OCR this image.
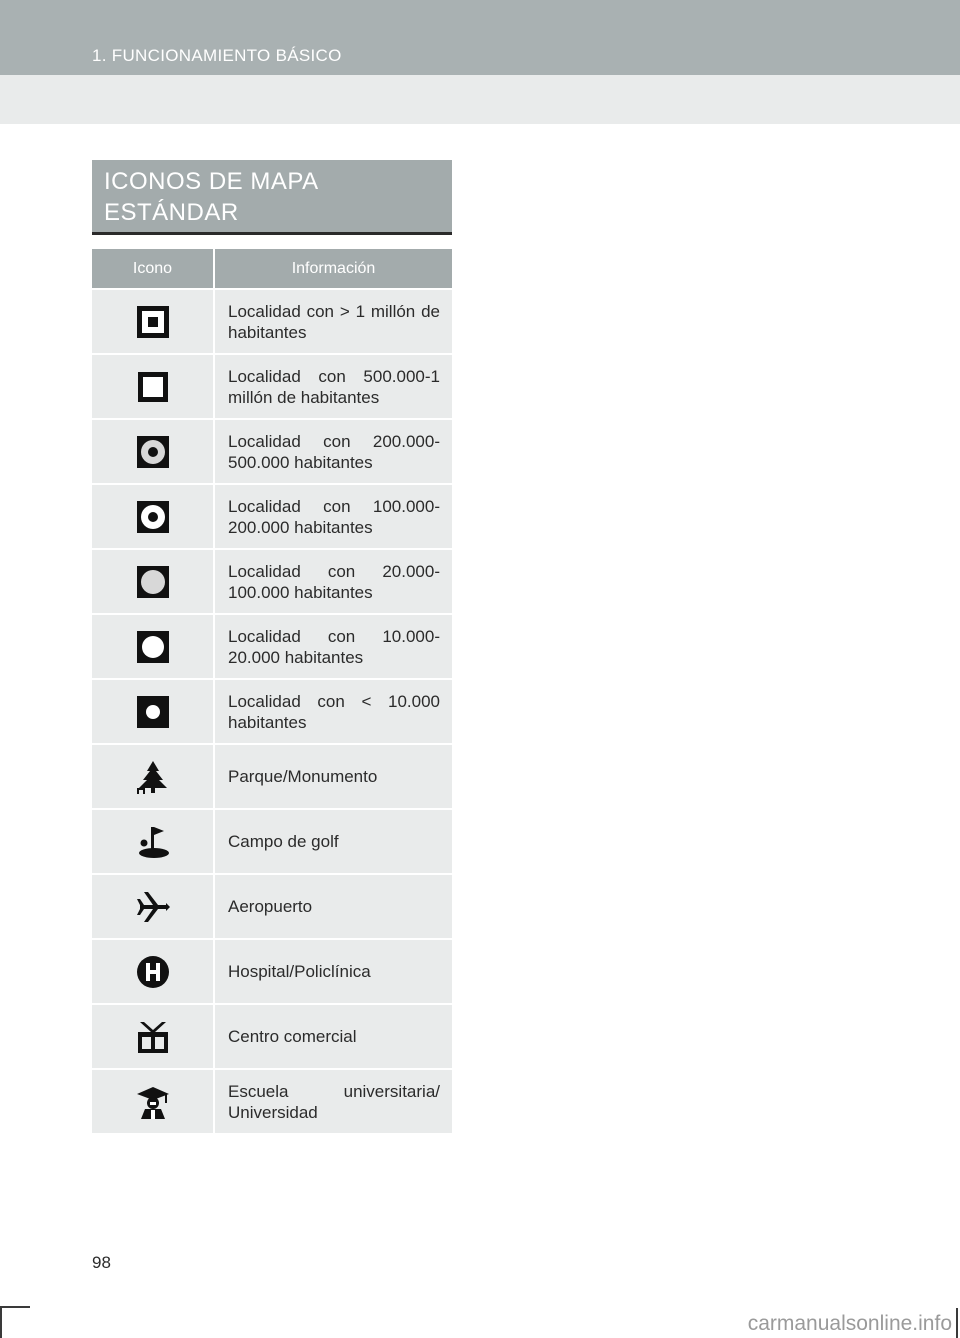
1. FUNCIONAMIENTO BÁSICO
ICONOS DE MAPA ESTÁNDAR
Icono	Información
	Localidad con > 1 millón de habitantes
	Localidad con 500.000-1 millón de habitantes
	Localidad con 200.000-500.000 habitantes
	Localidad con 100.000-200.000 habitantes
	Localidad con 20.000-100.000 habitantes
	Localidad con 10.000-20.000 habitantes
	Localidad con < 10.000 habitantes
	Parque/Monumento
	Campo de golf
	Aeropuerto
	Hospital/Policlínica
	Centro comercial
	Escuela universitaria/ Universidad
98
carmanualsonline.info
